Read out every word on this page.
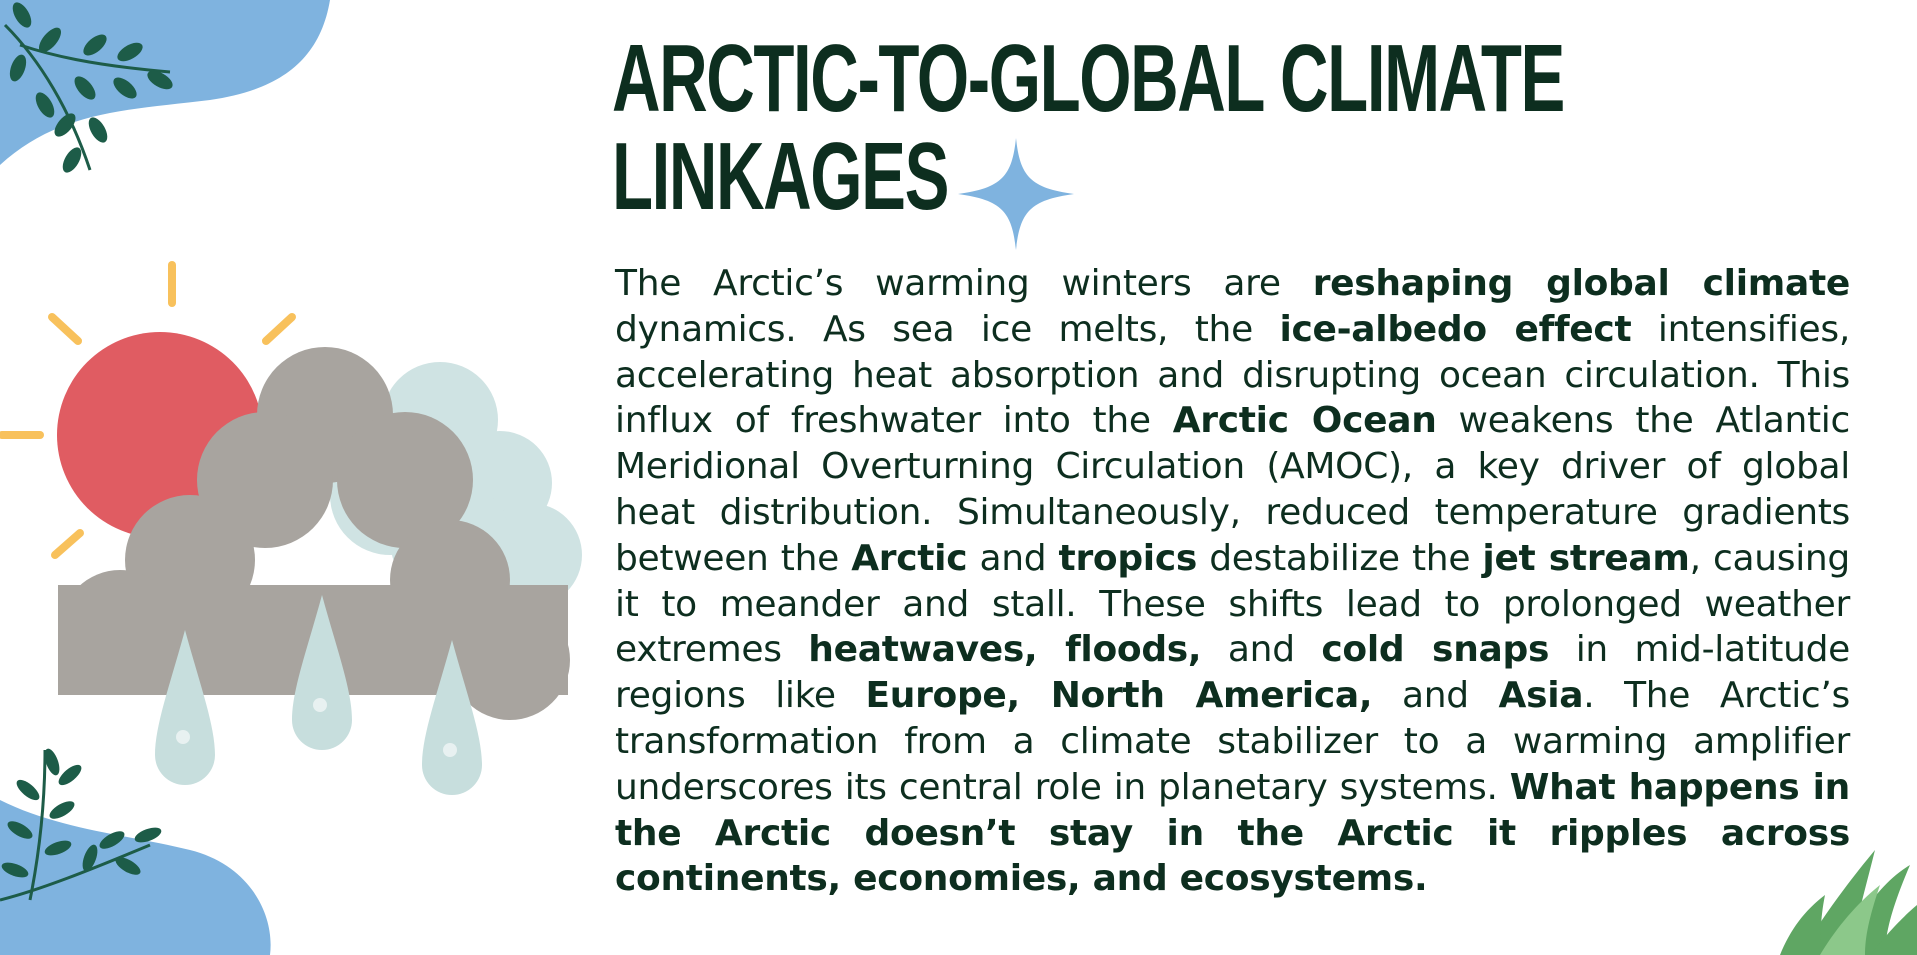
ARCTIC-TO-GLOBAL CLIMATE
LINKAGES

The Arctic’s warming winters are reshaping global climate dynamics. As sea ice melts, the ice-albedo effect intensifies, accelerating heat absorption and disrupting ocean circulation. This influx of freshwater into the Arctic Ocean weakens the Atlantic Meridional Overturning Circulation (AMOC), a key driver of global heat distribution. Simultaneously, reduced temperature gradients between the Arctic and tropics destabilize the jet stream, causing it to meander and stall. These shifts lead to prolonged weather extremes heatwaves, floods, and cold snaps in mid-latitude regions like Europe, North America, and Asia. The Arctic’s transformation from a climate stabilizer to a warming amplifier underscores its central role in planetary systems. What happens in the Arctic doesn’t stay in the Arctic it ripples across continents, economies, and ecosystems.
